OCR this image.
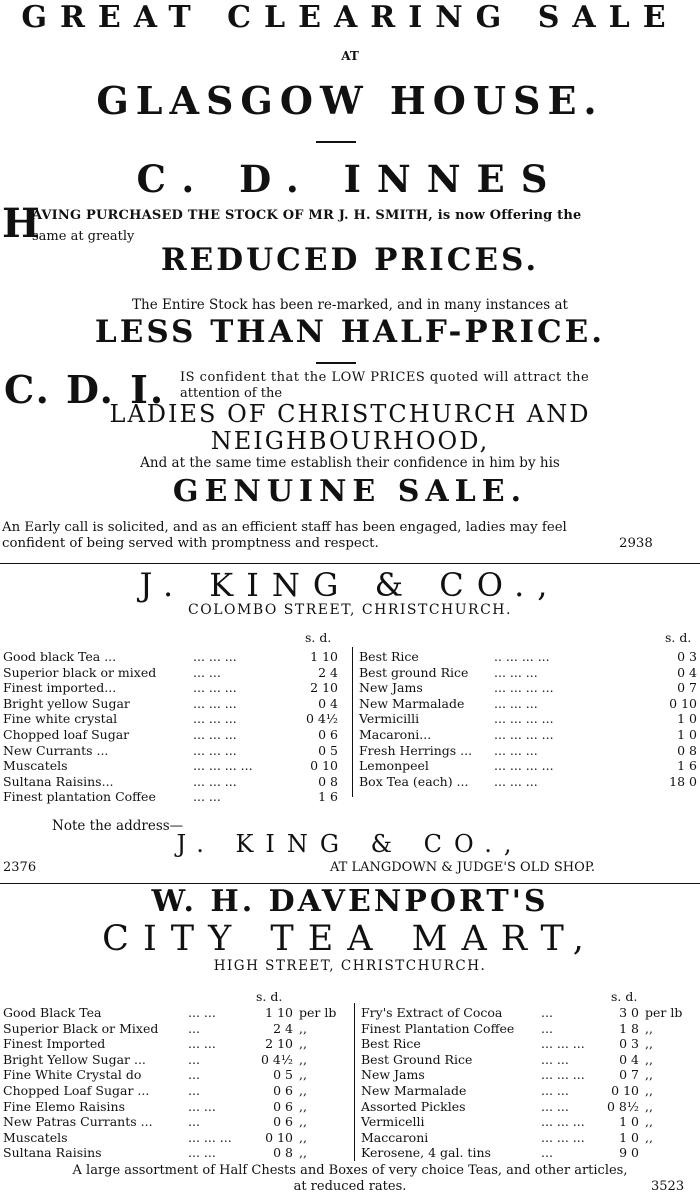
GREAT CLEARING SALE
AT
GLASGOW HOUSE.
C. D. INNES
H
AVING PURCHASED THE STOCK OF MR J. H. SMITH, is now Offering the
same at greatly
REDUCED PRICES.
The Entire Stock has been re-marked, and in many instances at
LESS THAN HALF-PRICE.
C. D. I. IS confident that the LOW PRICES quoted will attract the
attention of the
LADIES OF CHRISTCHURCH AND
NEIGHBOURHOOD,
And at the same time establish their confidence in him by his
GENUINE SALE.
An Early call is solicited, and as an efficient staff has been engaged, ladies may feel
confident of being served with promptness and respect.	2938
J. KING & CO.,
COLOMBO STREET, CHRISTCHURCH.
s. d.	s. d.
Good black Tea ...	... ... ...	1 10
Superior black or mixed	... ...	2 4
Finest imported...	... ... ...	2 10
Bright yellow Sugar	... ... ...	0 4
Fine white crystal	... ... ...	0 4½
Chopped loaf Sugar	... ... ...	0 6
New Currants ...	... ... ...	0 5
Muscatels	... ... ... ...	0 10
Sultana Raisins...	... ... ...	0 8
Finest plantation Coffee	... ...	1 6
Best Rice	.. ... ... ...	0 3
Best ground Rice	... ... ...	0 4
New Jams	... ... ... ...	0 7
New Marmalade	... ... ...	0 10
Vermicilli	... ... ... ...	1 0
Macaroni...	... ... ... ...	1 0
Fresh Herrings ...	... ... ...	0 8
Lemonpeel	... ... ... ...	1 6
Box Tea (each) ...	... ... ...	18 0
Note the address—
J. KING & CO.,
2376	AT LANGDOWN & JUDGE'S OLD SHOP.
W. H. DAVENPORT'S
CITY TEA MART,
HIGH STREET, CHRISTCHURCH.
s. d.	s. d.
Good Black Tea	... ...	1 10 per lb
Superior Black or Mixed	...	2 4 ,,
Finest Imported	... ...	2 10 ,,
Bright Yellow Sugar ...	...	0 4½ ,,
Fine White Crystal do	...	0 5 ,,
Chopped Loaf Sugar ...	...	0 6 ,,
Fine Elemo Raisins	... ...	0 6 ,,
New Patras Currants ...	...	0 6 ,,
Muscatels	... ... ...	0 10 ,,
Sultana Raisins	... ...	0 8 ,,
Fry's Extract of Cocoa	...	3 0 per lb
Finest Plantation Coffee	...	1 8 ,,
Best Rice	... ... ...	0 3 ,,
Best Ground Rice	... ...	0 4 ,,
New Jams	... ... ...	0 7 ,,
New Marmalade	... ...	0 10 ,,
Assorted Pickles	... ...	0 8½ ,,
Vermicelli	... ... ...	1 0 ,,
Maccaroni	... ... ...	1 0 ,,
Kerosene, 4 gal. tins	...	9 0
A large assortment of Half Chests and Boxes of very choice Teas, and other articles,
at reduced rates.	3523
